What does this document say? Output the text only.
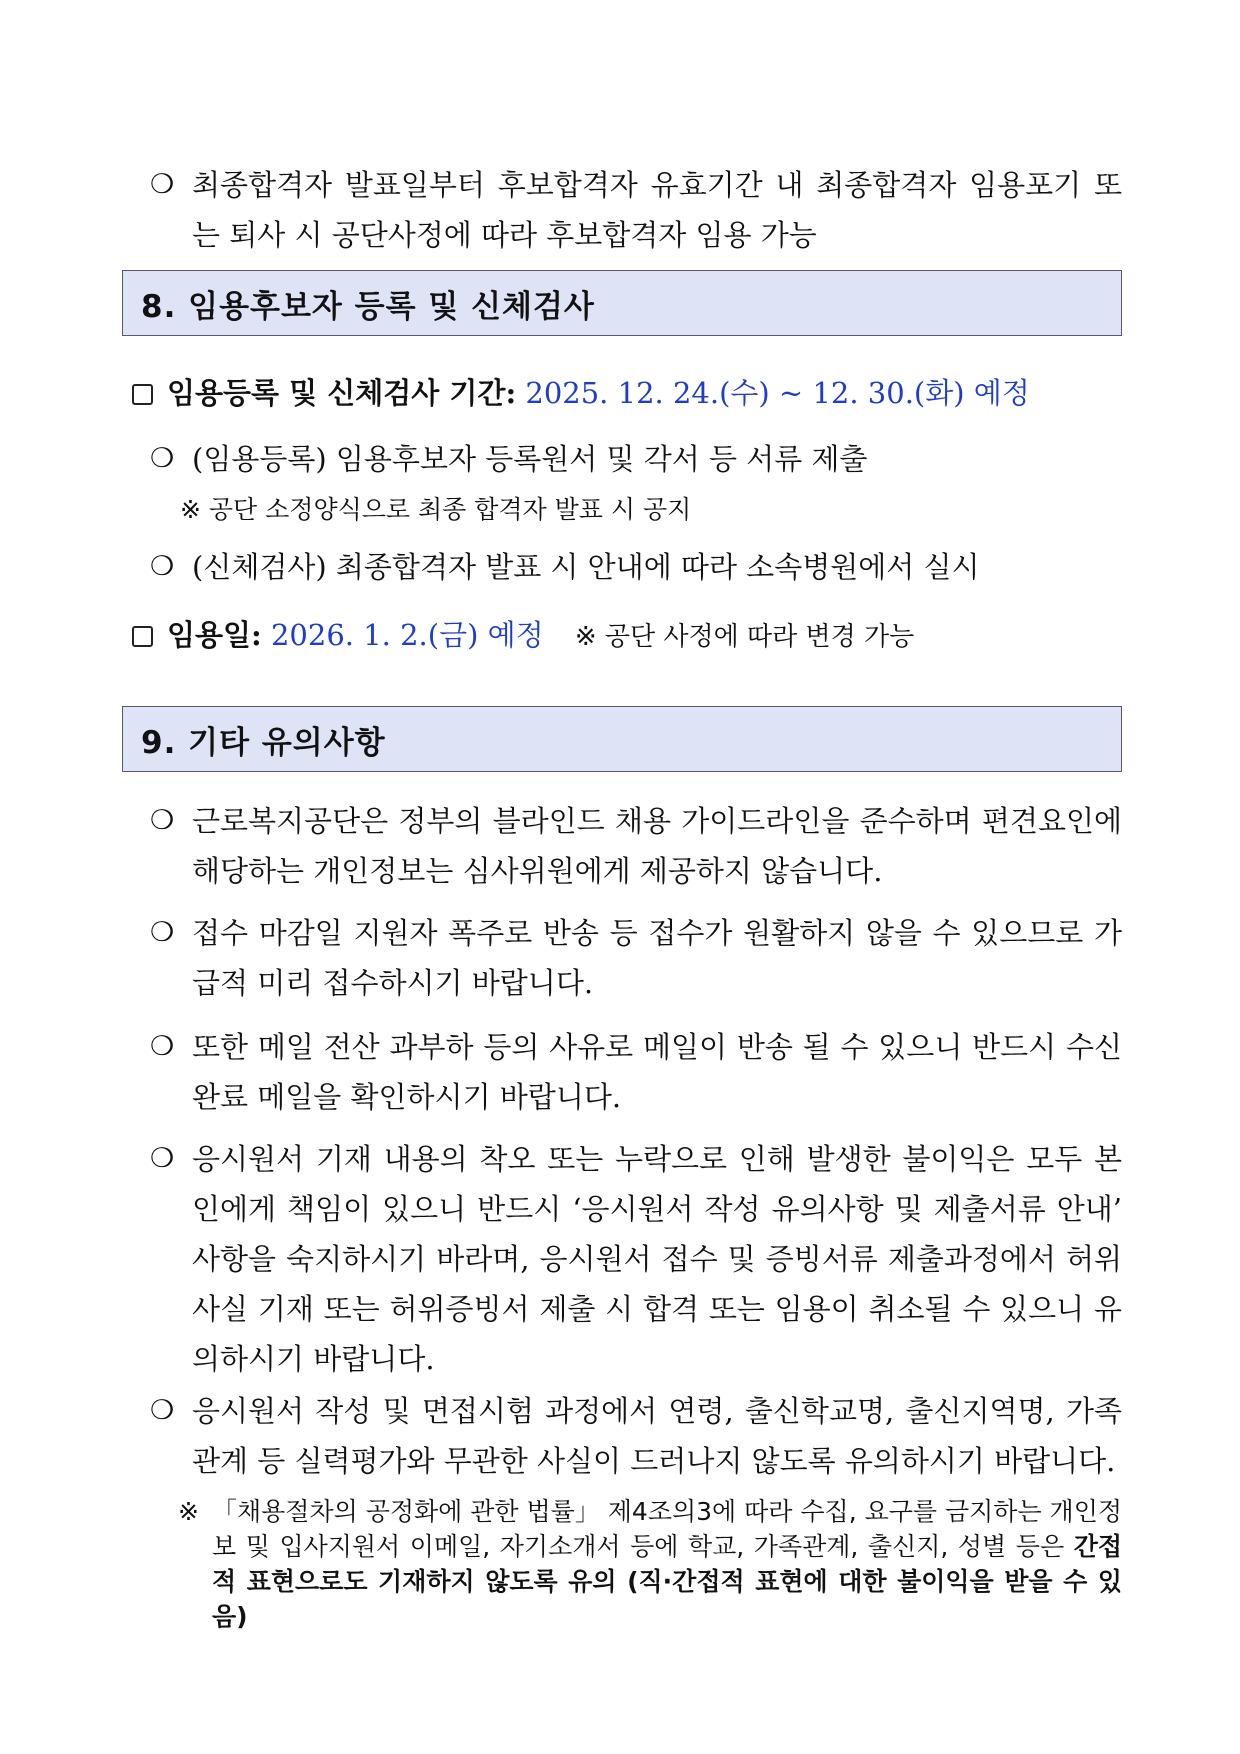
❍ 최종합격자 발표일부터 후보합격자 유효기간 내 최종합격자 임용포기 또는 퇴사 시 공단사정에 따라 후보합격자 임용 가능
8. 임용후보자 등록 및 신체검사
임용등록 및 신체검사 기간: 2025. 12. 24.(수) ~ 12. 30.(화) 예정
❍ (임용등록) 임용후보자 등록원서 및 각서 등 서류 제출
※ 공단 소정양식으로 최종 합격자 발표 시 공지
❍ (신체검사) 최종합격자 발표 시 안내에 따라 소속병원에서 실시
임용일: 2026. 1. 2.(금) 예정 ※ 공단 사정에 따라 변경 가능
9. 기타 유의사항
❍ 근로복지공단은 정부의 블라인드 채용 가이드라인을 준수하며 편견요인에 해당하는 개인정보는 심사위원에게 제공하지 않습니다.
❍ 접수 마감일 지원자 폭주로 반송 등 접수가 원활하지 않을 수 있으므로 가급적 미리 접수하시기 바랍니다.
❍ 또한 메일 전산 과부하 등의 사유로 메일이 반송 될 수 있으니 반드시 수신 완료 메일을 확인하시기 바랍니다.
❍ 응시원서 기재 내용의 착오 또는 누락으로 인해 발생한 불이익은 모두 본인에게 책임이 있으니 반드시 ‘응시원서 작성 유의사항 및 제출서류 안내’ 사항을 숙지하시기 바라며, 응시원서 접수 및 증빙서류 제출과정에서 허위사실 기재 또는 허위증빙서 제출 시 합격 또는 임용이 취소될 수 있으니 유의하시기 바랍니다.
❍ 응시원서 작성 및 면접시험 과정에서 연령, 출신학교명, 출신지역명, 가족관계 등 실력평가와 무관한 사실이 드러나지 않도록 유의하시기 바랍니다.
※ 「채용절차의 공정화에 관한 법률」 제4조의3에 따라 수집, 요구를 금지하는 개인정보 및 입사지원서 이메일, 자기소개서 등에 학교, 가족관계, 출신지, 성별 등은 간접적 표현으로도 기재하지 않도록 유의 (직·간접적 표현에 대한 불이익을 받을 수 있음)
